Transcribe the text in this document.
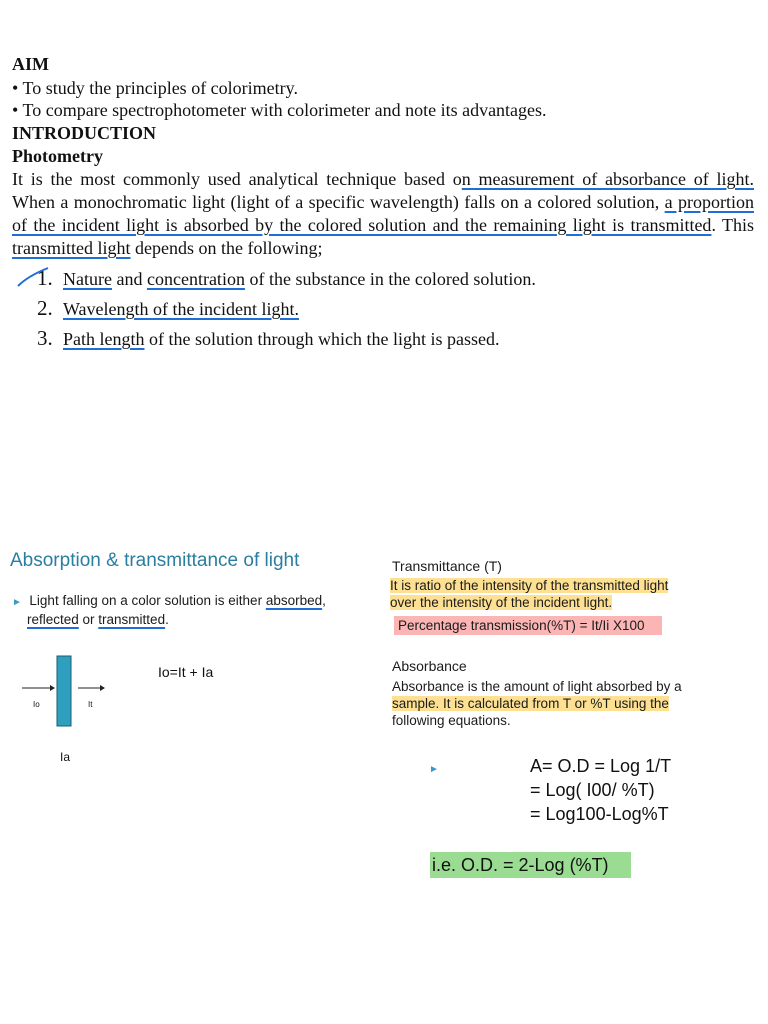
AIM
• To study the principles of colorimetry.
• To compare spectrophotometer with colorimeter and note its advantages.
INTRODUCTION
Photometry
It is the most commonly used analytical technique based on measurement of absorbance of light. When a monochromatic light (light of a specific wavelength) falls on a colored solution, a proportion of the incident light is absorbed by the colored solution and the remaining light is transmitted. This transmitted light depends on the following;
1. Nature and concentration of the substance in the colored solution.
2. Wavelength of the incident light.
3. Path length of the solution through which the light is passed.
Absorption & transmittance of light
► Light falling on a color solution is either absorbed,
reflected or transmitted.
Io	It
Ia
Io=It + Ia
Transmittance (T)
It is ratio of the intensity of the transmitted light
over the intensity of the incident light.
Percentage transmission(%T) = It/Ii X100
Absorbance
Absorbance is the amount of light absorbed by a
sample. It is calculated from T or %T using the
following equations.
►	A= O.D = Log 1/T
= Log( I00/ %T)
= Log100-Log%T
i.e. O.D. = 2-Log (%T)
